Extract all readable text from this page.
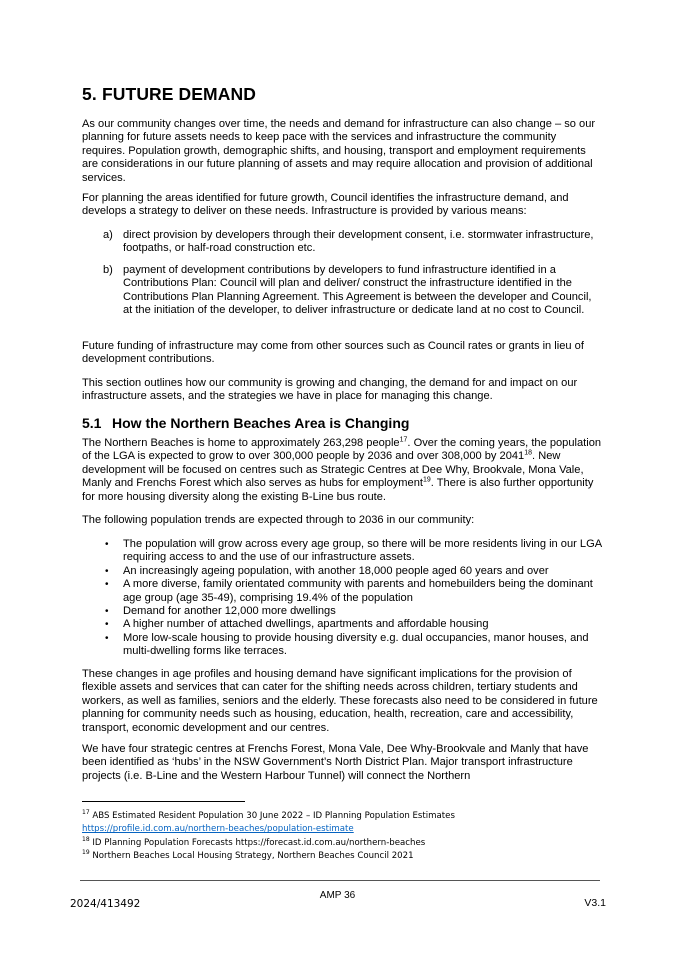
5. FUTURE DEMAND

As our community changes over time, the needs and demand for infrastructure can also change – so our planning for future assets needs to keep pace with the services and infrastructure the community requires. Population growth, demographic shifts, and housing, transport and employment requirements are considerations in our future planning of assets and may require allocation and provision of additional services.

For planning the areas identified for future growth, Council identifies the infrastructure demand, and develops a strategy to deliver on these needs. Infrastructure is provided by various means:

a) direct provision by developers through their development consent, i.e. stormwater infrastructure, footpaths, or half-road construction etc.
b) payment of development contributions by developers to fund infrastructure identified in a Contributions Plan: Council will plan and deliver/ construct the infrastructure identified in the Contributions Plan Planning Agreement. This Agreement is between the developer and Council, at the initiation of the developer, to deliver infrastructure or dedicate land at no cost to Council.

Future funding of infrastructure may come from other sources such as Council rates or grants in lieu of development contributions.

This section outlines how our community is growing and changing, the demand for and impact on our infrastructure assets, and the strategies we have in place for managing this change.

5.1 How the Northern Beaches Area is Changing

The Northern Beaches is home to approximately 263,298 people$^{17}$. Over the coming years, the population of the LGA is expected to grow to over 300,000 people by 2036 and over 308,000 by 2041$^{18}$. New development will be focused on centres such as Strategic Centres at Dee Why, Brookvale, Mona Vale, Manly and Frenchs Forest which also serves as hubs for employment$^{19}$. There is also further opportunity for more housing diversity along the existing B-Line bus route.

The following population trends are expected through to 2036 in our community:

• The population will grow across every age group, so there will be more residents living in our LGA requiring access to and the use of our infrastructure assets.
• An increasingly ageing population, with another 18,000 people aged 60 years and over
• A more diverse, family orientated community with parents and homebuilders being the dominant age group (age 35-49), comprising 19.4% of the population
• Demand for another 12,000 more dwellings
• A higher number of attached dwellings, apartments and affordable housing
• More low-scale housing to provide housing diversity e.g. dual occupancies, manor houses, and multi-dwelling forms like terraces.

These changes in age profiles and housing demand have significant implications for the provision of flexible assets and services that can cater for the shifting needs across children, tertiary students and workers, as well as families, seniors and the elderly. These forecasts also need to be considered in future planning for community needs such as housing, education, health, recreation, care and accessibility, transport, economic development and our centres.

We have four strategic centres at Frenchs Forest, Mona Vale, Dee Why-Brookvale and Manly that have been identified as ‘hubs’ in the NSW Government’s North District Plan. Major transport infrastructure projects (i.e. B-Line and the Western Harbour Tunnel) will connect the Northern

$^{17}$ ABS Estimated Resident Population 30 June 2022 – ID Planning Population Estimates
https://profile.id.com.au/northern-beaches/population-estimate
$^{18}$ ID Planning Population Forecasts https://forecast.id.com.au/northern-beaches
$^{19}$ Northern Beaches Local Housing Strategy, Northern Beaches Council 2021
2024/413492
AMP 36
V3.1
